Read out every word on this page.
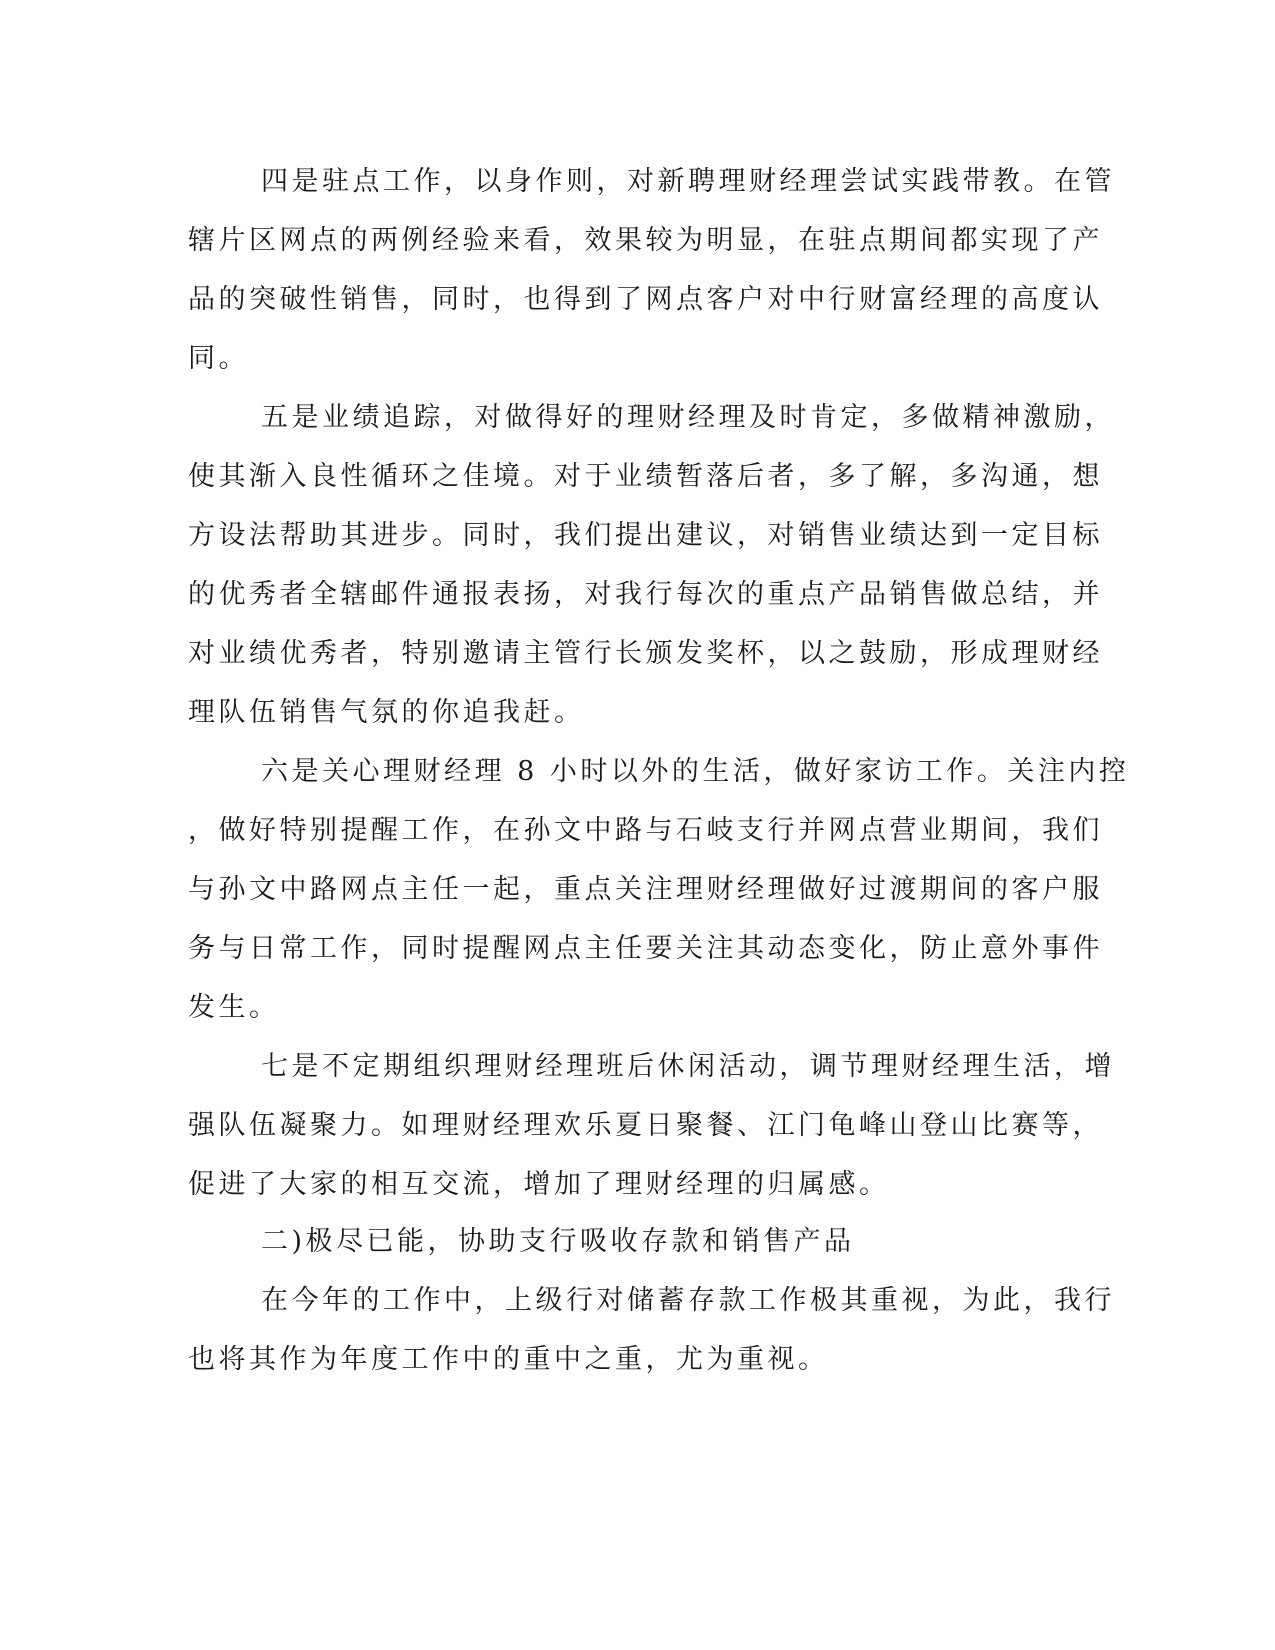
四是驻点工作，以身作则，对新聘理财经理尝试实践带教。在管
辖片区网点的两例经验来看，效果较为明显，在驻点期间都实现了产
品的突破性销售，同时，也得到了网点客户对中行财富经理的高度认
同。
五是业绩追踪，对做得好的理财经理及时肯定，多做精神激励，
使其渐入良性循环之佳境。对于业绩暂落后者，多了解，多沟通，想
方设法帮助其进步。同时，我们提出建议，对销售业绩达到一定目标
的优秀者全辖邮件通报表扬，对我行每次的重点产品销售做总结，并
对业绩优秀者，特别邀请主管行长颁发奖杯，以之鼓励，形成理财经
理队伍销售气氛的你追我赶。
六是关心理财经理 8 小时以外的生活，做好家访工作。关注内控
，做好特别提醒工作，在孙文中路与石岐支行并网点营业期间，我们
与孙文中路网点主任一起，重点关注理财经理做好过渡期间的客户服
务与日常工作，同时提醒网点主任要关注其动态变化，防止意外事件
发生。
七是不定期组织理财经理班后休闲活动，调节理财经理生活，增
强队伍凝聚力。如理财经理欢乐夏日聚餐、江门龟峰山登山比赛等，
促进了大家的相互交流，增加了理财经理的归属感。
二)极尽已能，协助支行吸收存款和销售产品
在今年的工作中，上级行对储蓄存款工作极其重视，为此，我行
也将其作为年度工作中的重中之重，尤为重视。
